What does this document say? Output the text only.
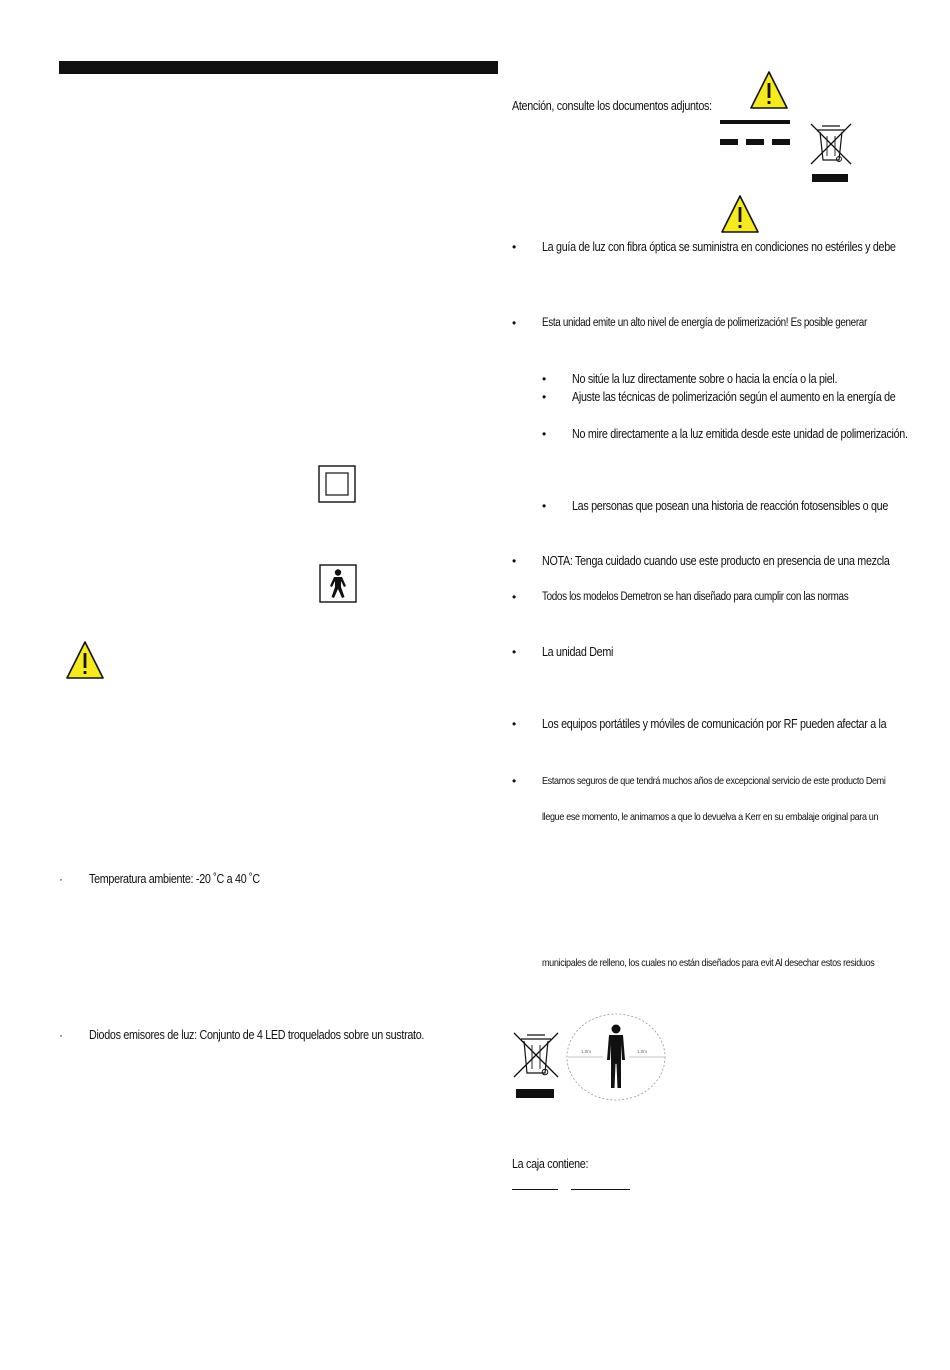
· Temperatura ambiente: -20 ˚C a 40 ˚C
· Diodos emisores de luz: Conjunto de 4 LED troquelados sobre un sustrato.
Atención, consulte los documentos adjuntos:
• La guía de luz con fibra óptica se suministra en condiciones no estériles y debe
• Esta unidad emite un alto nivel de energía de polimerización! Es posible generar
• No sitúe la luz directamente sobre o hacia la encía o la piel.
• Ajuste las técnicas de polimerización según el aumento en la energía de
• No mire directamente a la luz emitida desde este unidad de polimerización.
• Las personas que posean una historia de reacción fotosensibles o que
• NOTA: Tenga cuidado cuando use este producto en presencia de una mezcla
• Todos los modelos Demetron se han diseñado para cumplir con las normas
• La unidad Demi
• Los equipos portátiles y móviles de comunicación por RF pueden afectar a la
• Estamos seguros de que tendrá muchos años de excepcional servicio de este producto Demi
llegue ese momento, le animamos a que lo devuelva a Kerr en su embalaje original para un
municipales de relleno, los cuales no están diseñados para evit Al desechar estos residuos
1.0m	1.0m
La caja contiene:
